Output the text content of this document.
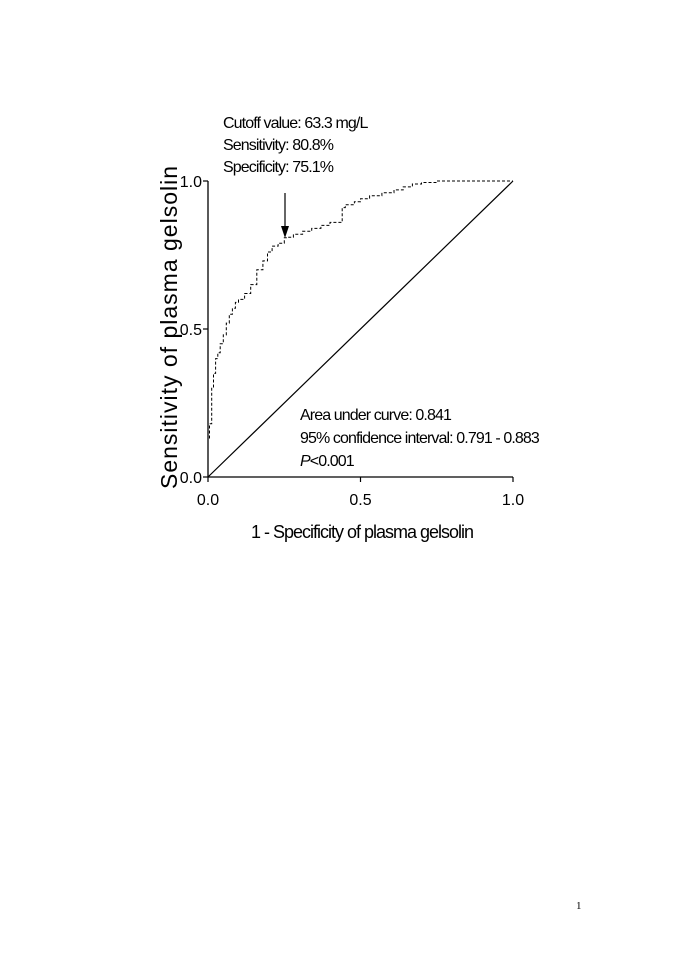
0.0	0.5	1.0
0.0
0.5
1.0
Cutoff value: 63.3 mg/L
Sensitivity: 80.8%
Specificity: 75.1%
Area under curve: 0.841
95% confidence interval: 0.791 - 0.883
P<0.001
1 - Specificity of plasma gelsolin
Sensitivity of plasma gelsolin
1
